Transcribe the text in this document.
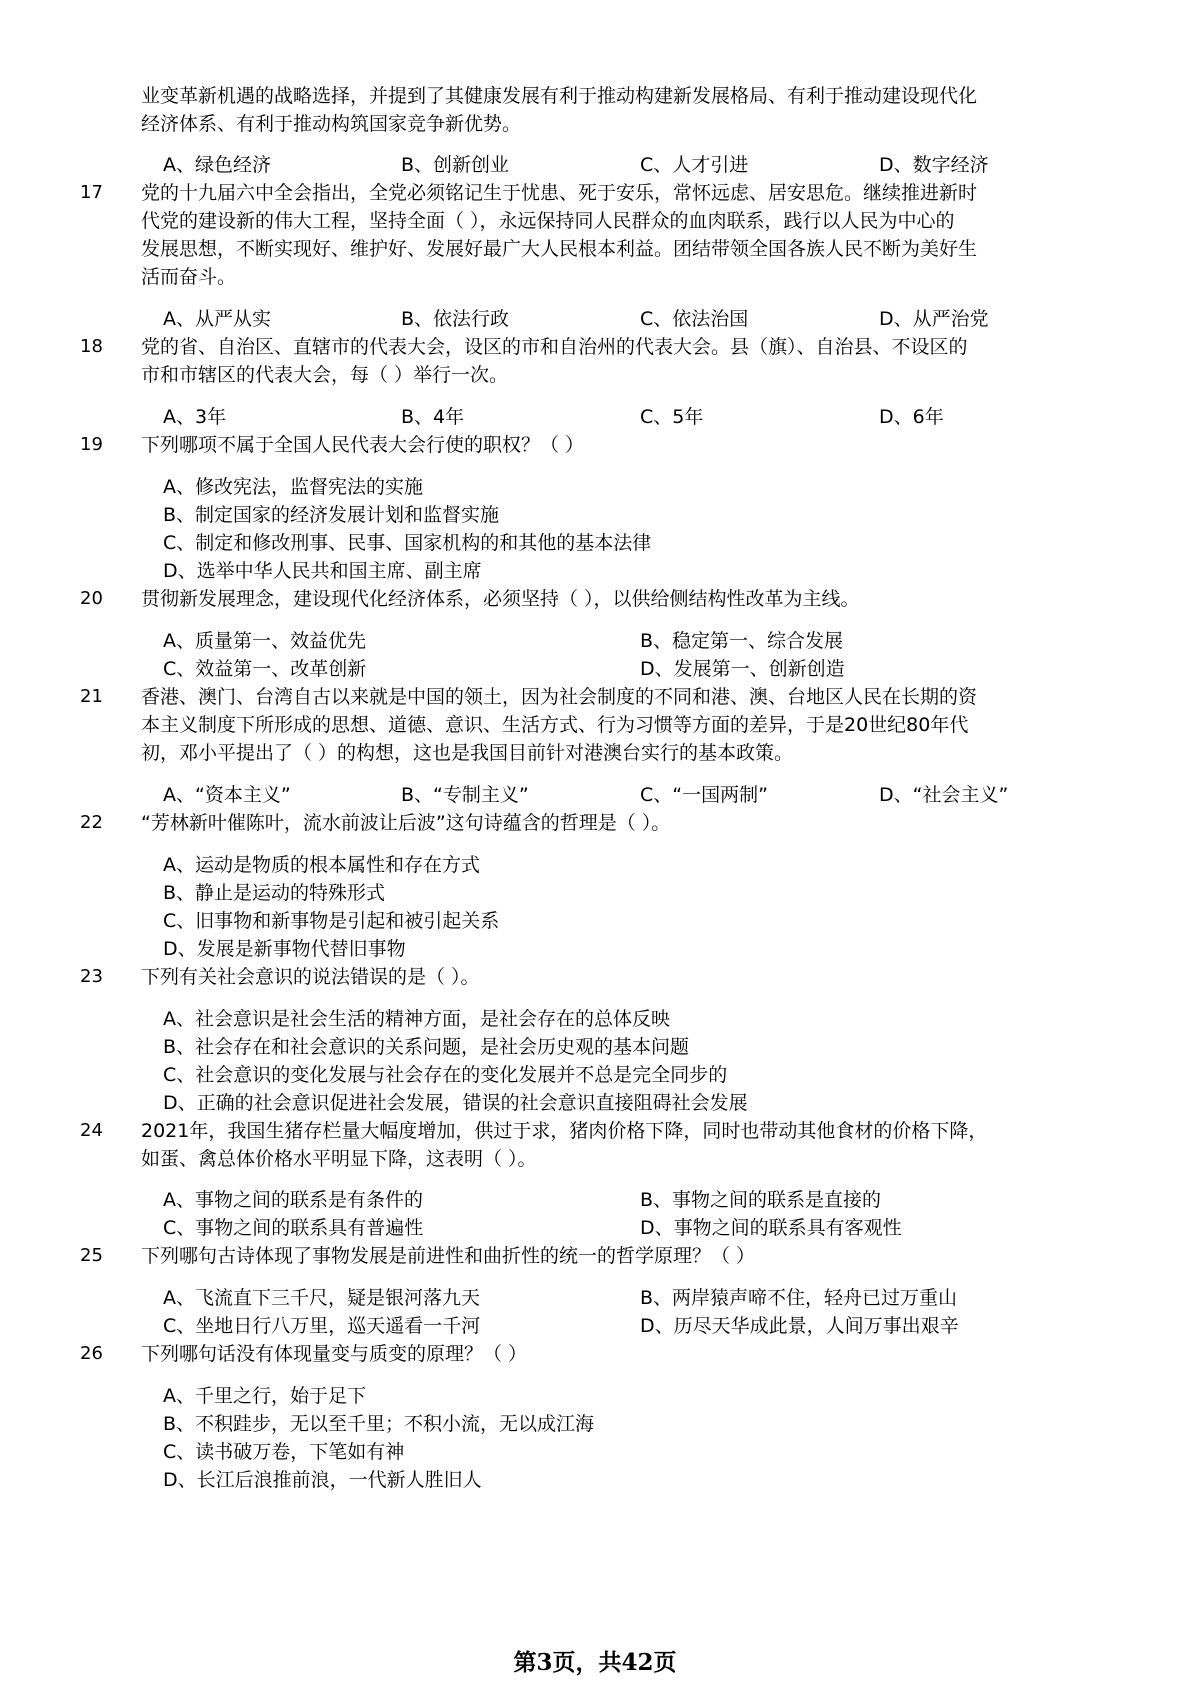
业变革新机遇的战略选择，并提到了其健康发展有利于推动构建新发展格局、有利于推动建设现代化
经济体系、有利于推动构筑国家竞争新优势。
A、绿色经济	B、创新创业	C、人才引进	D、数字经济
17 党的十九届六中全会指出，全党必须铭记生于忧患、死于安乐，常怀远虑、居安思危。继续推进新时
代党的建设新的伟大工程，坚持全面（ ），永远保持同人民群众的血肉联系，践行以人民为中心的
发展思想，不断实现好、维护好、发展好最广大人民根本利益。团结带领全国各族人民不断为美好生
活而奋斗。
A、从严从实	B、依法行政	C、依法治国	D、从严治党
18 党的省、自治区、直辖市的代表大会，设区的市和自治州的代表大会。县（旗）、自治县、不设区的
市和市辖区的代表大会，每（ ）举行一次。
A、3年	B、4年	C、5年	D、6年
19 下列哪项不属于全国人民代表大会行使的职权？（ ）
A、修改宪法，监督宪法的实施
B、制定国家的经济发展计划和监督实施
C、制定和修改刑事、民事、国家机构的和其他的基本法律
D、选举中华人民共和国主席、副主席
20 贯彻新发展理念，建设现代化经济体系，必须坚持（ ），以供给侧结构性改革为主线。
A、质量第一、效益优先	B、稳定第一、综合发展
C、效益第一、改革创新	D、发展第一、创新创造
21 香港、澳门、台湾自古以来就是中国的领土，因为社会制度的不同和港、澳、台地区人民在长期的资
本主义制度下所形成的思想、道德、意识、生活方式、行为习惯等方面的差异，于是20世纪80年代
初，邓小平提出了（ ）的构想，这也是我国目前针对港澳台实行的基本政策。
A、“资本主义”	B、“专制主义”	C、“一国两制”	D、“社会主义”
22 “芳林新叶催陈叶，流水前波让后波”这句诗蕴含的哲理是（ ）。
A、运动是物质的根本属性和存在方式
B、静止是运动的特殊形式
C、旧事物和新事物是引起和被引起关系
D、发展是新事物代替旧事物
23 下列有关社会意识的说法错误的是（ ）。
A、社会意识是社会生活的精神方面，是社会存在的总体反映
B、社会存在和社会意识的关系问题，是社会历史观的基本问题
C、社会意识的变化发展与社会存在的变化发展并不总是完全同步的
D、正确的社会意识促进社会发展，错误的社会意识直接阻碍社会发展
24 2021年，我国生猪存栏量大幅度增加，供过于求，猪肉价格下降，同时也带动其他食材的价格下降，
如蛋、禽总体价格水平明显下降，这表明（ ）。
A、事物之间的联系是有条件的	B、事物之间的联系是直接的
C、事物之间的联系具有普遍性	D、事物之间的联系具有客观性
25 下列哪句古诗体现了事物发展是前进性和曲折性的统一的哲学原理？（ ）
A、飞流直下三千尺，疑是银河落九天	B、两岸猿声啼不住，轻舟已过万重山
C、坐地日行八万里，巡天遥看一千河	D、历尽天华成此景，人间万事出艰辛
26 下列哪句话没有体现量变与质变的原理？（ ）
A、千里之行，始于足下
B、不积跬步，无以至千里；不积小流，无以成江海
C、读书破万卷，下笔如有神
D、长江后浪推前浪，一代新人胜旧人
第3页，共42页
